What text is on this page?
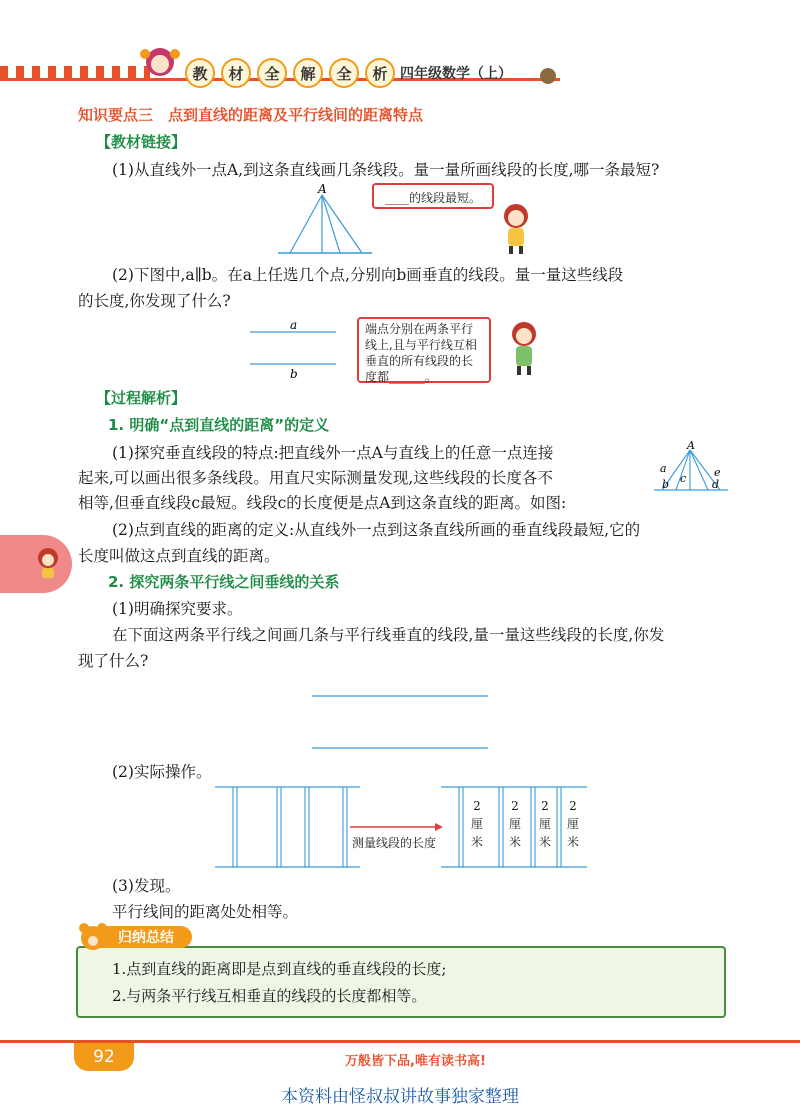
教	材	全	解	全	析 四年级数学（上）
知识要点三　点到直线的距离及平行线间的距离特点
【教材链接】
(1)从直线外一点A,到这条直线画几条线段。量一量所画线段的长度,哪一条最短?
A
____的线段最短。
(2)下图中,a∥b。在a上任选几个点,分别向b画垂直的线段。量一量这些线段
的长度,你发现了什么?
a
b
端点分别在两条平行
线上,且与平行线互相
垂直的所有线段的长
度都______。
【过程解析】
1. 明确“点到直线的距离”的定义
(1)探究垂直线段的特点:把直线外一点A与直线上的任意一点连接
起来,可以画出很多条线段。用直尺实际测量发现,这些线段的长度各不
相等,但垂直线段c最短。线段c的长度便是点A到这条直线的距离。如图:
A
a
b c d
e
(2)点到直线的距离的定义:从直线外一点到这条直线所画的垂直线段最短,它的
长度叫做这点到直线的距离。
2. 探究两条平行线之间垂线的关系
(1)明确探究要求。
在下面这两条平行线之间画几条与平行线垂直的线段,量一量这些线段的长度,你发
现了什么?
(2)实际操作。
测量线段的长度
2
厘
米
2
厘
米
2
厘
米
2
厘
米
(3)发现。
平行线间的距离处处相等。
归纳总结
1.点到直线的距离即是点到直线的垂直线段的长度;
2.与两条平行线互相垂直的线段的长度都相等。
92	万般皆下品,唯有读书高!
本资料由怪叔叔讲故事独家整理
